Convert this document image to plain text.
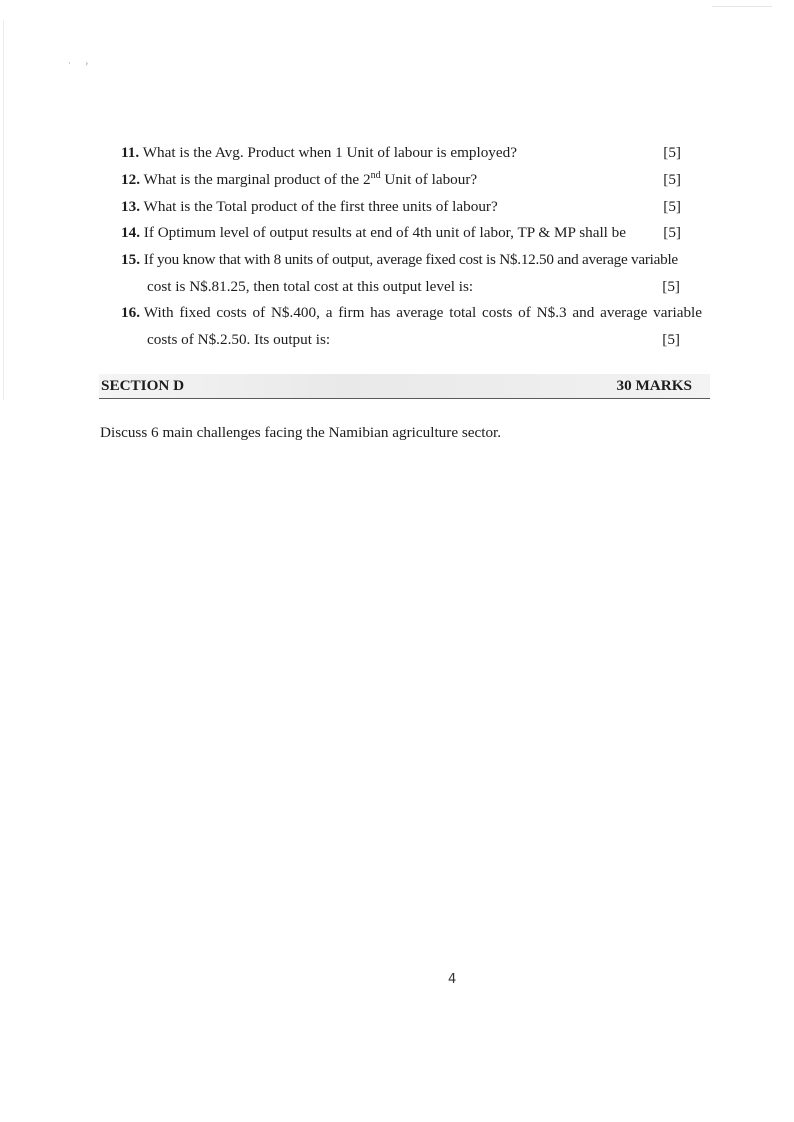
· ›
11. What is the Avg. Product when 1 Unit of labour is employed?	[5]
12. What is the marginal product of the 2nd Unit of labour?	[5]
13. What is the Total product of the first three units of labour?	[5]
14. If Optimum level of output results at end of 4th unit of labor, TP & MP shall be [5]
15. If you know that with 8 units of output, average fixed cost is N$.12.50 and average variable
cost is N$.81.25, then total cost at this output level is:	[5]
16. With fixed costs of N$.400, a firm has average total costs of N$.3 and average variable
costs of N$.2.50. Its output is:	[5]
SECTION D	30 MARKS
Discuss 6 main challenges facing the Namibian agriculture sector.
4
